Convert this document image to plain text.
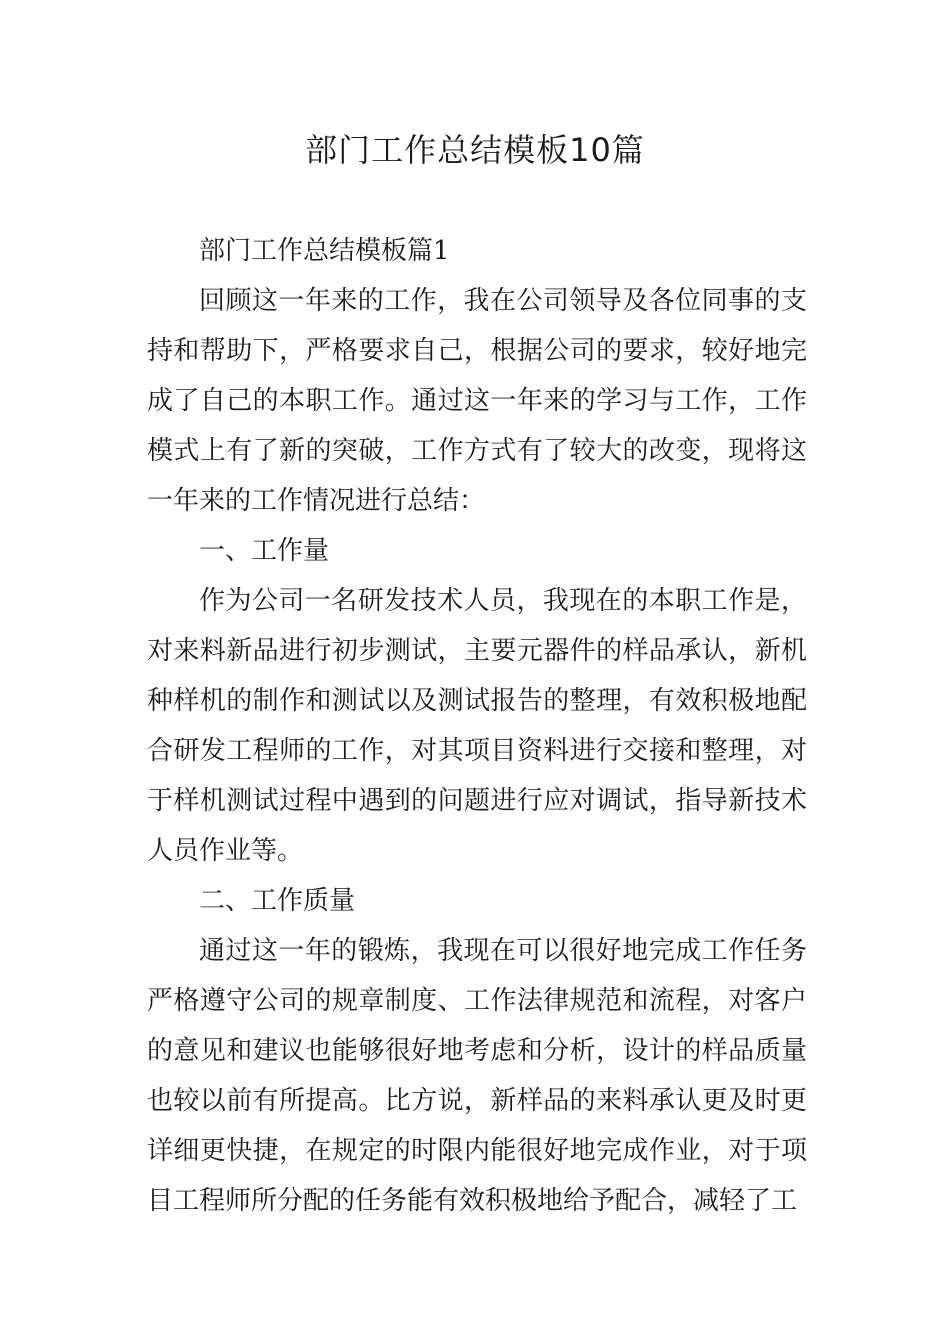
部门工作总结模板10篇

部门工作总结模板篇1

回顾这一年来的工作，我在公司领导及各位同事的支持和帮助下，严格要求自己，根据公司的要求，较好地完成了自己的本职工作。通过这一年来的学习与工作，工作模式上有了新的突破，工作方式有了较大的改变，现将这一年来的工作情况进行总结：

一、工作量

作为公司一名研发技术人员，我现在的本职工作是，对来料新品进行初步测试，主要元器件的样品承认，新机种样机的制作和测试以及测试报告的整理，有效积极地配合研发工程师的工作，对其项目资料进行交接和整理，对于样机测试过程中遇到的问题进行应对调试，指导新技术人员作业等。

二、工作质量

通过这一年的锻炼，我现在可以很好地完成工作任务严格遵守公司的规章制度、工作法律规范和流程，对客户的意见和建议也能够很好地考虑和分析，设计的样品质量也较以前有所提高。比方说，新样品的来料承认更及时更详细更快捷，在规定的时限内能很好地完成作业，对于项目工程师所分配的任务能有效积极地给予配合，减轻了工
